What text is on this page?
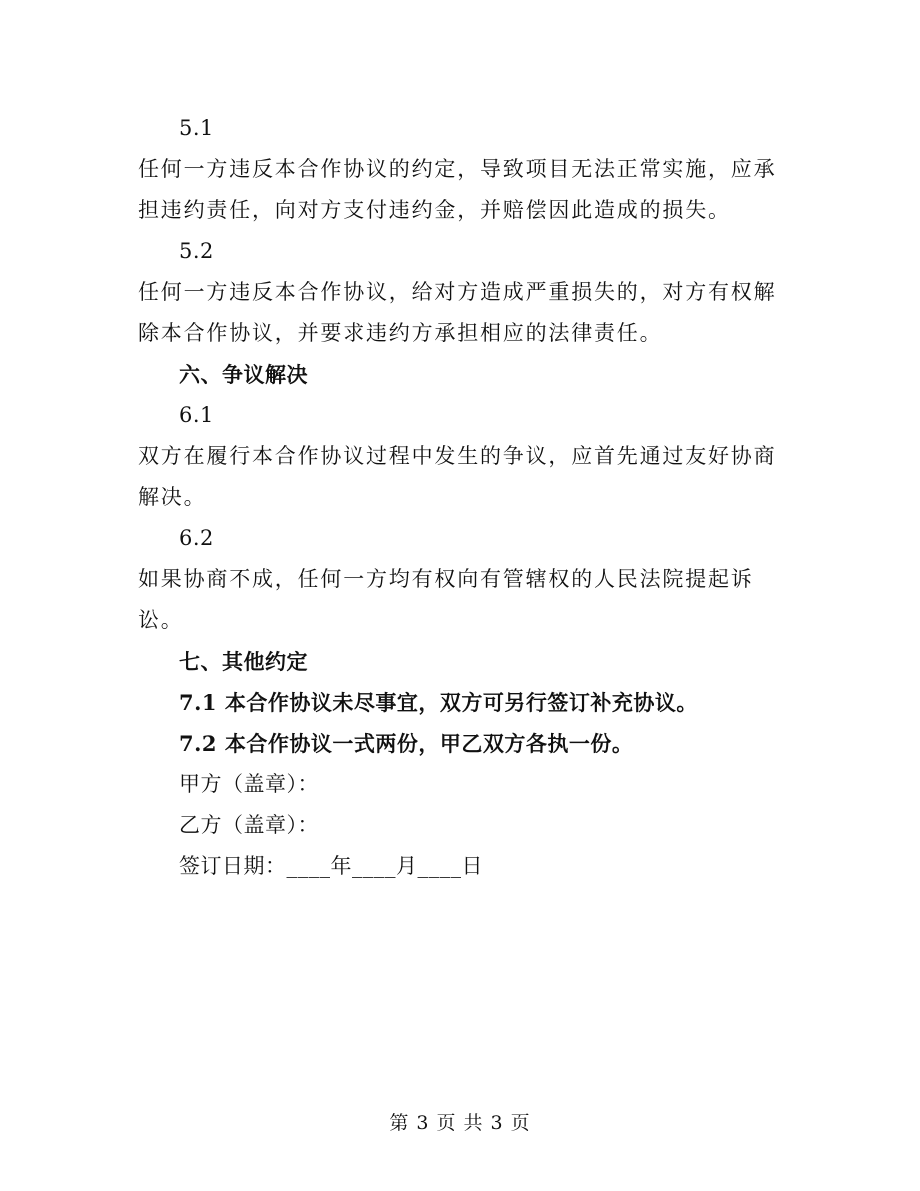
5.1
任何一方违反本合作协议的约定，导致项目无法正常实施，应承担违约责任，向对方支付违约金，并赔偿因此造成的损失。
5.2
任何一方违反本合作协议，给对方造成严重损失的，对方有权解除本合作协议，并要求违约方承担相应的法律责任。
六、争议解决
6.1
双方在履行本合作协议过程中发生的争议，应首先通过友好协商解决。
6.2
如果协商不成，任何一方均有权向有管辖权的人民法院提起诉讼。
七、其他约定
7.1 本合作协议未尽事宜，双方可另行签订补充协议。
7.2 本合作协议一式两份，甲乙双方各执一份。
甲方（盖章）：
乙方（盖章）：
签订日期：____年____月____日
第 3 页 共 3 页
